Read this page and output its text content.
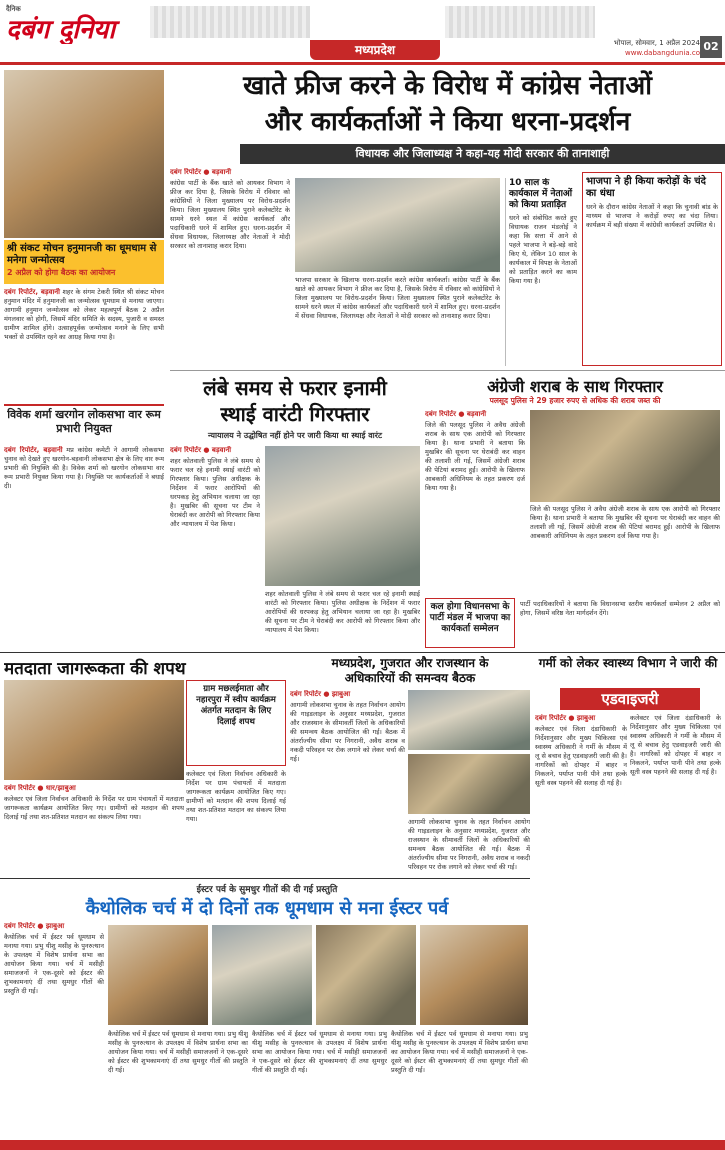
दैनिक
दबंग दुनिया
मध्यप्रदेश	भोपाल, सोमवार, 1 अप्रैल 2024
www.dabangdunia.co 02
श्री संकट मोचन हनुमानजी का धूमधाम से मनेगा जन्मोत्सव
2 अप्रैल को होगा बैठक का आयोजन
दबंग रिपोर्टर, बड़वानी शहर के संगम टेकरी स्थित श्री संकट मोचन हनुमान मंदिर में हनुमानजी का जन्मोत्सव धूमधाम से मनाया जाएगा। आगामी हनुमान जन्मोत्सव को लेकर महत्वपूर्ण बैठक 2 अप्रैल मंगलवार को होगी, जिसमें मंदिर समिति के सदस्य, पुजारी व समस्त ग्रामीण शामिल होंगे। उत्साहपूर्वक जन्मोत्सव मनाने के लिए सभी भक्तों से उपस्थित रहने का आग्रह किया गया है।
खाते फ्रीज करने के विरोध में कांग्रेस नेताओं
और कार्यकर्ताओं ने किया धरना-प्रदर्शन
विधायक और जिलाध्यक्ष ने कहा-यह मोदी सरकार की तानाशाही
दबंग रिपोर्टर ● बड़वानी
कांग्रेस पार्टी के बैंक खाते को आयकर विभाग ने फ्रीज कर दिया है, जिसके विरोध में रविवार को कांग्रेसियों ने जिला मुख्यालय पर विरोध-प्रदर्शन किया। जिला मुख्यालय स्थित पुराने कलेक्टोरेट के सामने धरने स्थल में कांग्रेस कार्यकर्ता और पदाधिकारी धरने में शामिल हुए। धरना-प्रदर्शन में सेंधवा विधायक, जिलाध्यक्ष और नेताओं ने मोदी सरकार को तानाशाह करार दिया।
भाजपा सरकार के खिलाफ धरना-प्रदर्शन करते कांग्रेस कार्यकर्ता। कांग्रेस पार्टी के बैंक खाते को आयकर विभाग ने फ्रीज कर दिया है, जिसके विरोध में रविवार को कांग्रेसियों ने जिला मुख्यालय पर विरोध-प्रदर्शन किया। जिला मुख्यालय स्थित पुराने कलेक्टोरेट के सामने धरने स्थल में कांग्रेस कार्यकर्ता और पदाधिकारी धरने में शामिल हुए। धरना-प्रदर्शन में सेंधवा विधायक, जिलाध्यक्ष और नेताओं ने मोदी सरकार को तानाशाह करार दिया।
10 साल के कार्यकाल में नेताओं को किया प्रताड़ित
धरने को संबोधित करते हुए विधायक राजन मंडलोई ने कहा कि सत्ता में आने से पहले भाजपा ने बड़े-बड़े वादे किए थे, लेकिन 10 साल के कार्यकाल में विपक्ष के नेताओं को प्रताड़ित करने का काम किया गया है।
भाजपा ने ही किया करोड़ों के चंदे का धंधा
धरने के दौरान कांग्रेस नेताओं ने कहा कि चुनावी बांड के माध्यम से भाजपा ने करोड़ों रुपए का चंदा लिया। कार्यक्रम में बड़ी संख्या में कांग्रेसी कार्यकर्ता उपस्थित थे।
लंबे समय से फरार इनामी
स्थाई वारंटी गिरफ्तार
न्यायालय ने उद्घोषित नहीं होने पर जारी किया था स्थाई वारंट
दबंग रिपोर्टर ● बड़वानी
शहर कोतवाली पुलिस ने लंबे समय से फरार चल रहे इनामी स्थाई वारंटी को गिरफ्तार किया। पुलिस अधीक्षक के निर्देशन में फरार आरोपियों की धरपकड़ हेतु अभियान चलाया जा रहा है। मुखबिर की सूचना पर टीम ने घेराबंदी कर आरोपी को गिरफ्तार किया और न्यायालय में पेश किया।
शहर कोतवाली पुलिस ने लंबे समय से फरार चल रहे इनामी स्थाई वारंटी को गिरफ्तार किया। पुलिस अधीक्षक के निर्देशन में फरार आरोपियों की धरपकड़ हेतु अभियान चलाया जा रहा है। मुखबिर की सूचना पर टीम ने घेराबंदी कर आरोपी को गिरफ्तार किया और न्यायालय में पेश किया।
अंग्रेजी शराब के साथ गिरफ्तार
पलसूद पुलिस ने 29 हजार रुपए से अधिक की शराब जब्त की
दबंग रिपोर्टर ● बड़वानी
जिले की पलसूद पुलिस ने अवैध अंग्रेजी शराब के साथ एक आरोपी को गिरफ्तार किया है। थाना प्रभारी ने बताया कि मुखबिर की सूचना पर घेराबंदी कर वाहन की तलाशी ली गई, जिसमें अंग्रेजी शराब की पेटियां बरामद हुईं। आरोपी के खिलाफ आबकारी अधिनियम के तहत प्रकरण दर्ज किया गया है।
जिले की पलसूद पुलिस ने अवैध अंग्रेजी शराब के साथ एक आरोपी को गिरफ्तार किया है। थाना प्रभारी ने बताया कि मुखबिर की सूचना पर घेराबंदी कर वाहन की तलाशी ली गई, जिसमें अंग्रेजी शराब की पेटियां बरामद हुईं। आरोपी के खिलाफ आबकारी अधिनियम के तहत प्रकरण दर्ज किया गया है।
कल होगा विधानसभा के पार्टी मंडल में भाजपा का कार्यकर्ता सम्मेलन
पार्टी पदाधिकारियों ने बताया कि विधानसभा स्तरीय कार्यकर्ता सम्मेलन 2 अप्रैल को होगा, जिसमें वरिष्ठ नेता मार्गदर्शन देंगे।
विवेक शर्मा खरगोन लोकसभा वार रूम प्रभारी नियुक्त
दबंग रिपोर्टर, बड़वानी मप्र कांग्रेस कमेटी ने आगामी लोकसभा चुनाव को देखते हुए खरगोन-बड़वानी लोकसभा क्षेत्र के लिए वार रूम प्रभारी की नियुक्ति की है। विवेक शर्मा को खरगोन लोकसभा वार रूम प्रभारी नियुक्त किया गया है। नियुक्ति पर कार्यकर्ताओं ने बधाई दी।
मतदाता जागरूकता की शपथ
ग्राम मछलईमाता और नहारपुरा में स्वीप कार्यक्रम अंतर्गत मतदान के लिए दिलाई शपथ
दबंग रिपोर्टर ● धार/झाबुआ
कलेक्टर एवं जिला निर्वाचन अधिकारी के निर्देश पर ग्राम पंचायतों में मतदाता जागरूकता कार्यक्रम आयोजित किए गए। ग्रामीणों को मतदान की शपथ दिलाई गई तथा शत-प्रतिशत मतदान का संकल्प लिया गया।
कलेक्टर एवं जिला निर्वाचन अधिकारी के निर्देश पर ग्राम पंचायतों में मतदाता जागरूकता कार्यक्रम आयोजित किए गए। ग्रामीणों को मतदान की शपथ दिलाई गई तथा शत-प्रतिशत मतदान का संकल्प लिया गया।
मध्यप्रदेश, गुजरात और राजस्थान के
अधिकारियों की समन्वय बैठक
दबंग रिपोर्टर ● झाबुआ
आगामी लोकसभा चुनाव के तहत निर्वाचन आयोग की गाइडलाइन के अनुसार मध्यप्रदेश, गुजरात और राजस्थान के सीमावर्ती जिलों के अधिकारियों की समन्वय बैठक आयोजित की गई। बैठक में अंतर्राज्यीय सीमा पर निगरानी, अवैध शराब व नकदी परिवहन पर रोक लगाने को लेकर चर्चा की गई।
आगामी लोकसभा चुनाव के तहत निर्वाचन आयोग की गाइडलाइन के अनुसार मध्यप्रदेश, गुजरात और राजस्थान के सीमावर्ती जिलों के अधिकारियों की समन्वय बैठक आयोजित की गई। बैठक में अंतर्राज्यीय सीमा पर निगरानी, अवैध शराब व नकदी परिवहन पर रोक लगाने को लेकर चर्चा की गई।
गर्मी को लेकर स्वास्थ्य विभाग ने जारी की
एडवाइजरी
दबंग रिपोर्टर ● झाबुआ
कलेक्टर एवं जिला दंडाधिकारी के निर्देशानुसार और मुख्य चिकित्सा एवं स्वास्थ्य अधिकारी ने गर्मी के मौसम में लू से बचाव हेतु एडवाइजरी जारी की है। नागरिकों को दोपहर में बाहर न निकलने, पर्याप्त पानी पीने तथा हल्के सूती वस्त्र पहनने की सलाह दी गई है।
कलेक्टर एवं जिला दंडाधिकारी के निर्देशानुसार और मुख्य चिकित्सा एवं स्वास्थ्य अधिकारी ने गर्मी के मौसम में लू से बचाव हेतु एडवाइजरी जारी की है। नागरिकों को दोपहर में बाहर न निकलने, पर्याप्त पानी पीने तथा हल्के सूती वस्त्र पहनने की सलाह दी गई है।
ईस्टर पर्व के सुमधुर गीतों की दी गई प्रस्तुति
कैथोलिक चर्च में दो दिनों तक धूमधाम से मना ईस्टर पर्व
दबंग रिपोर्टर ● झाबुआ
कैथोलिक चर्च में ईस्टर पर्व धूमधाम से मनाया गया। प्रभु यीशु मसीह के पुनरुत्थान के उपलक्ष्य में विशेष प्रार्थना सभा का आयोजन किया गया। चर्च में मसीही समाजजनों ने एक-दूसरे को ईस्टर की शुभकामनाएं दीं तथा सुमधुर गीतों की प्रस्तुति दी गई।
कैथोलिक चर्च में ईस्टर पर्व धूमधाम से मनाया गया। प्रभु यीशु मसीह के पुनरुत्थान के उपलक्ष्य में विशेष प्रार्थना सभा का आयोजन किया गया। चर्च में मसीही समाजजनों ने एक-दूसरे को ईस्टर की शुभकामनाएं दीं तथा सुमधुर गीतों की प्रस्तुति दी गई।
कैथोलिक चर्च में ईस्टर पर्व धूमधाम से मनाया गया। प्रभु यीशु मसीह के पुनरुत्थान के उपलक्ष्य में विशेष प्रार्थना सभा का आयोजन किया गया। चर्च में मसीही समाजजनों ने एक-दूसरे को ईस्टर की शुभकामनाएं दीं तथा सुमधुर गीतों की प्रस्तुति दी गई।
कैथोलिक चर्च में ईस्टर पर्व धूमधाम से मनाया गया। प्रभु यीशु मसीह के पुनरुत्थान के उपलक्ष्य में विशेष प्रार्थना सभा का आयोजन किया गया। चर्च में मसीही समाजजनों ने एक-दूसरे को ईस्टर की शुभकामनाएं दीं तथा सुमधुर गीतों की प्रस्तुति दी गई।
